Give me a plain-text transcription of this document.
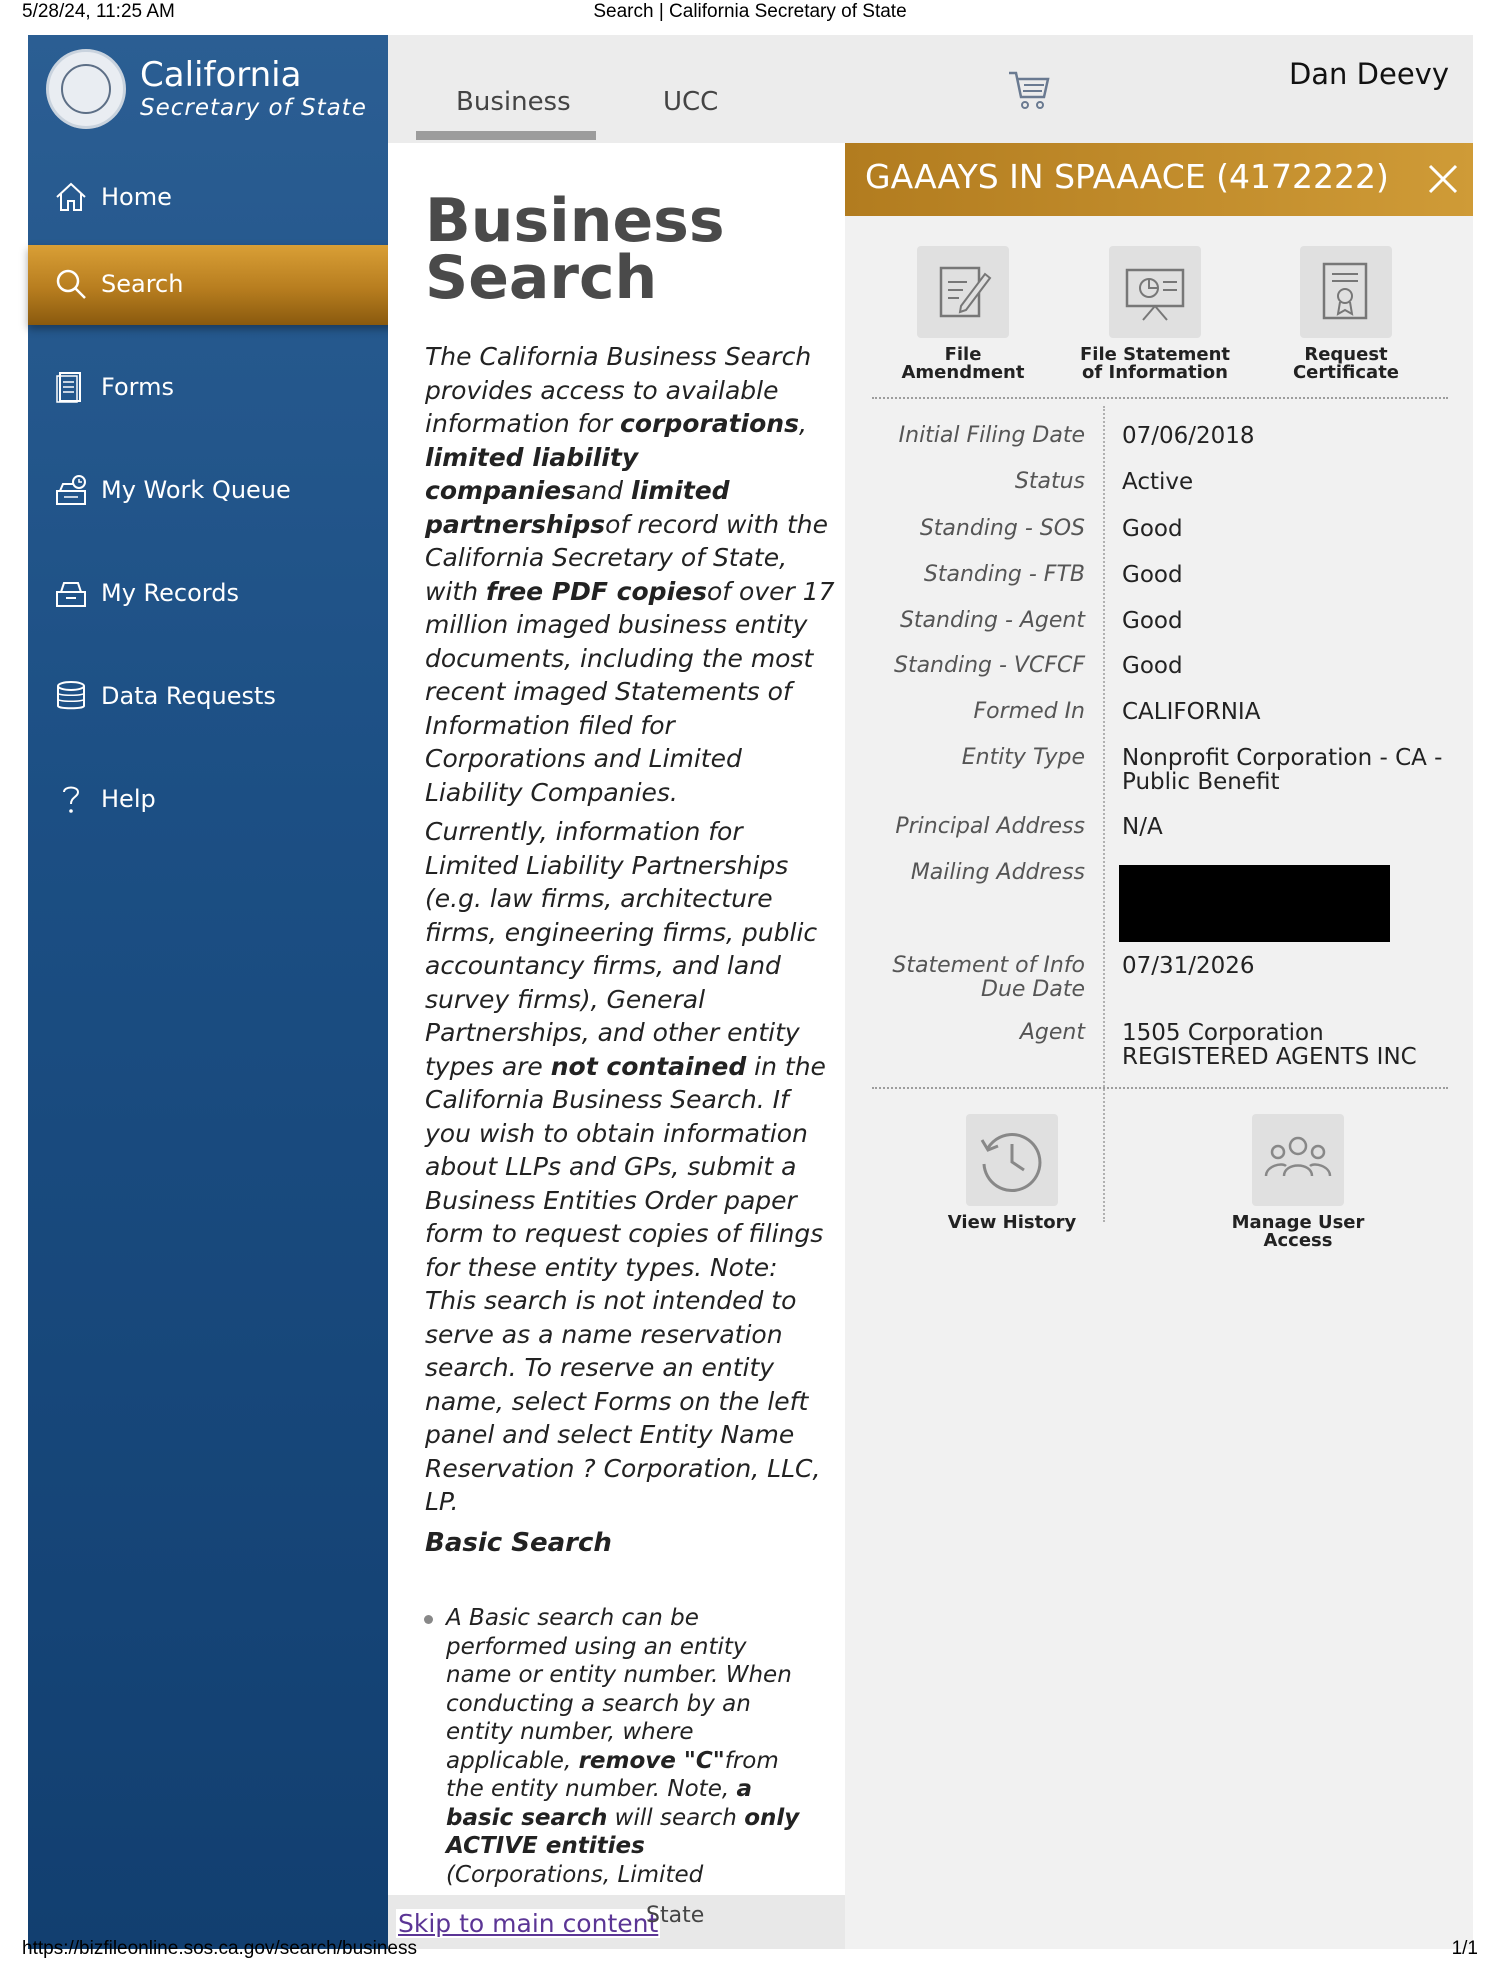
5/28/24, 11:25 AM	Search | California Secretary of State
California
Secretary of State
Home
Search
Forms
My Work Queue
My Records
Data Requests
Help
Business	UCC
Dan Deevy
Business
Search
The California Business Search provides access to available information for corporations, limited liability companiesand limited partnershipsof record with the California Secretary of State, with free PDF copiesof over 17 million imaged business entity documents, including the most recent imaged Statements of Information filed for Corporations and Limited Liability Companies.
Currently, information for Limited Liability Partnerships (e.g. law firms, architecture firms, engineering firms, public accountancy firms, and land survey firms), General Partnerships, and other entity types are not contained in the California Business Search. If you wish to obtain information about LLPs and GPs, submit a Business Entities Order paper form to request copies of filings for these entity types. Note: This search is not intended to serve as a name reservation search. To reserve an entity name, select Forms on the left panel and select Entity Name Reservation ? Corporation, LLC, LP.
Basic Search
A Basic search can be performed using an entity name or entity number. When conducting a search by an entity number, where applicable, remove "C"from the entity number. Note, a basic search will search only ACTIVE entities (Corporations, Limited
Skip to main content
State
GAAAYS IN SPAAACE (4172222)
File
Amendment
File Statement
of Information
Request
Certificate
Initial Filing Date 07/06/2018
Status Active
Standing - SOS Good
Standing - FTB Good
Standing - Agent Good
Standing - VCFCF Good
Formed In CALIFORNIA
Entity Type Nonprofit Corporation - CA -
Public Benefit
Principal Address N/A
Mailing Address
Statement of Info
Due Date
07/31/2026
Agent 1505 Corporation
REGISTERED AGENTS INC
View History	Manage User
Access
https://bizfileonline.sos.ca.gov/search/business	1/1
